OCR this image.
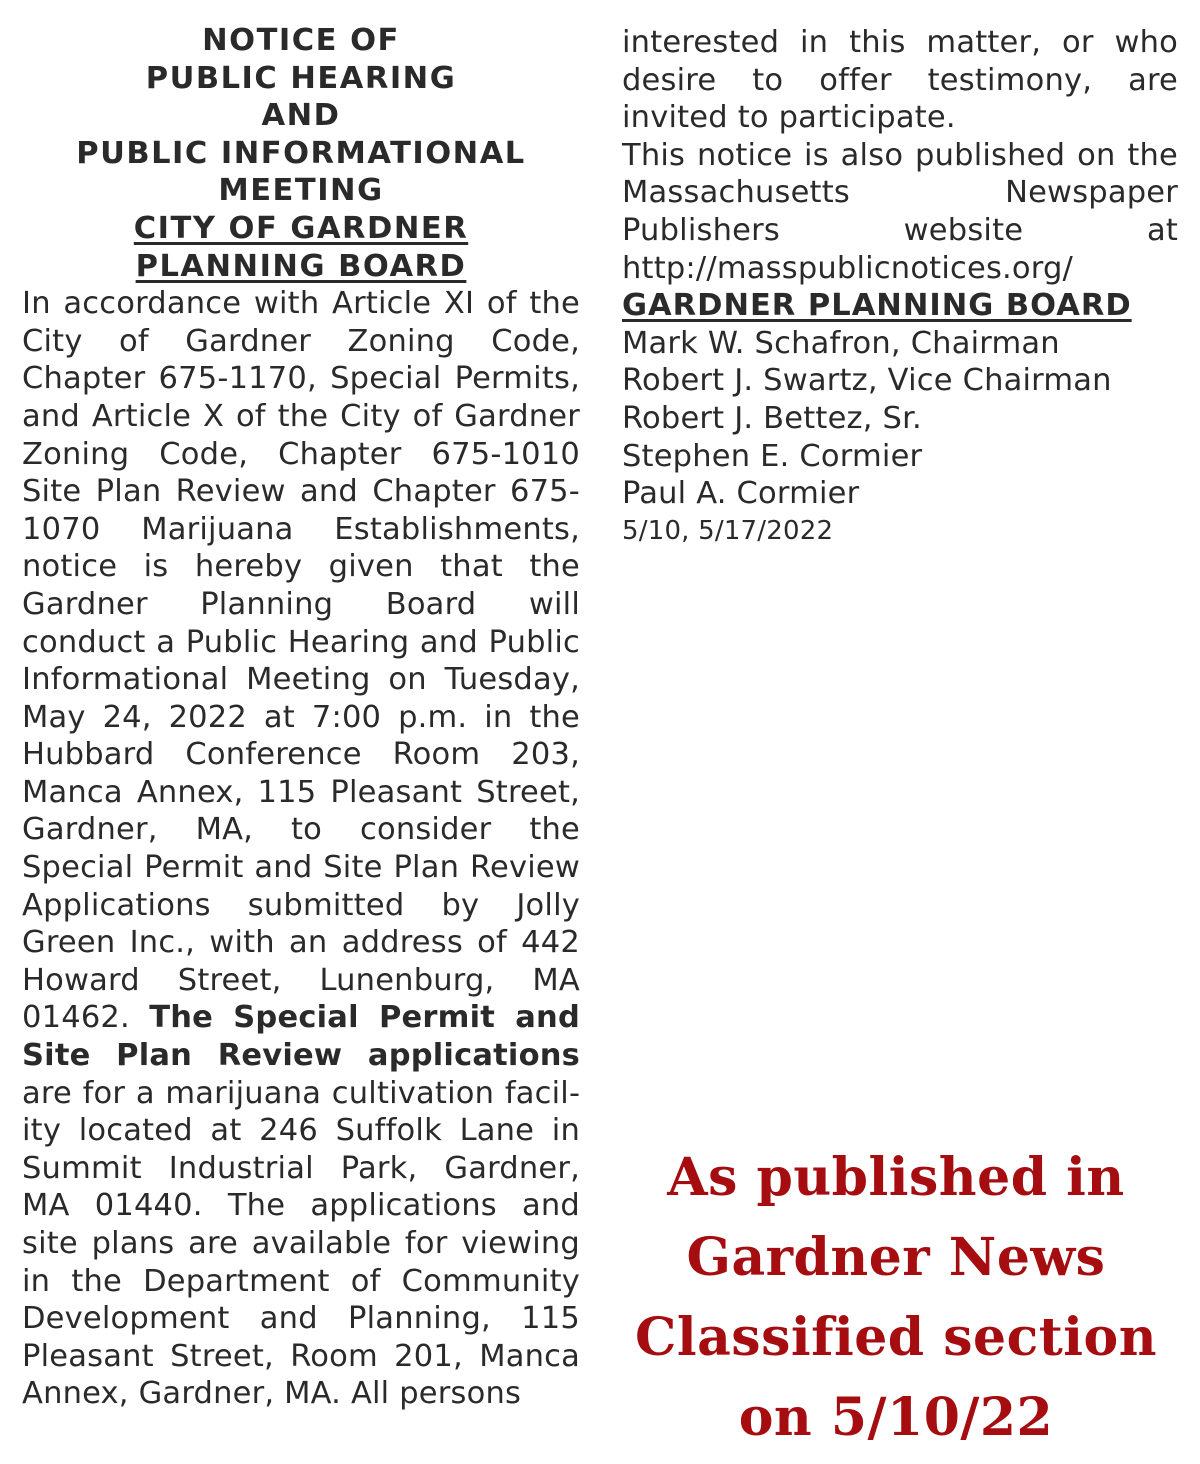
NOTICE OF

PUBLIC HEARING

AND

PUBLIC INFORMATIONAL

MEETING

CITY OF GARDNER

PLANNING BOARD

In accordance with Article XI of the City of Gardner Zoning Code, Chapter 675-1170, Special Permits, and Article X of the City of Gardner Zoning Code, Chapter 675-1010 Site Plan Review and Chapter 675-1070 Marijuana Establishments, notice is hereby given that the Gardner Planning Board will conduct a Public Hearing and Public Informational Meeting on Tuesday, May 24, 2022 at 7:00 p.m. in the Hubbard Conference Room 203, Manca Annex, 115 Pleasant Street, Gardner, MA, to consider the Special Permit and Site Plan Review Applications submitted by Jolly Green Inc., with an address of 442 Howard Street, Lunenburg, MA 01462. The Special Permit and Site Plan Review applications are for a marijuana cultivation facility located at 246 Suffolk Lane in Summit Industrial Park, Gardner, MA 01440. The applications and site plans are available for viewing in the Department of Community Development and Planning, 115 Pleasant Street, Room 201, Manca Annex, Gardner, MA. All persons

interested in this matter, or who desire to offer testimony, are invited to participate.

This notice is also published on the Massachusetts Newspaper Publishers website at http://masspublicnotices.org/

GARDNER PLANNING BOARD

Mark W. Schafron, Chairman

Robert J. Swartz, Vice Chairman

Robert J. Bettez, Sr.

Stephen E. Cormier

Paul A. Cormier

5/10, 5/17/2022

As published in
Gardner News
Classified section
on 5/10/22
